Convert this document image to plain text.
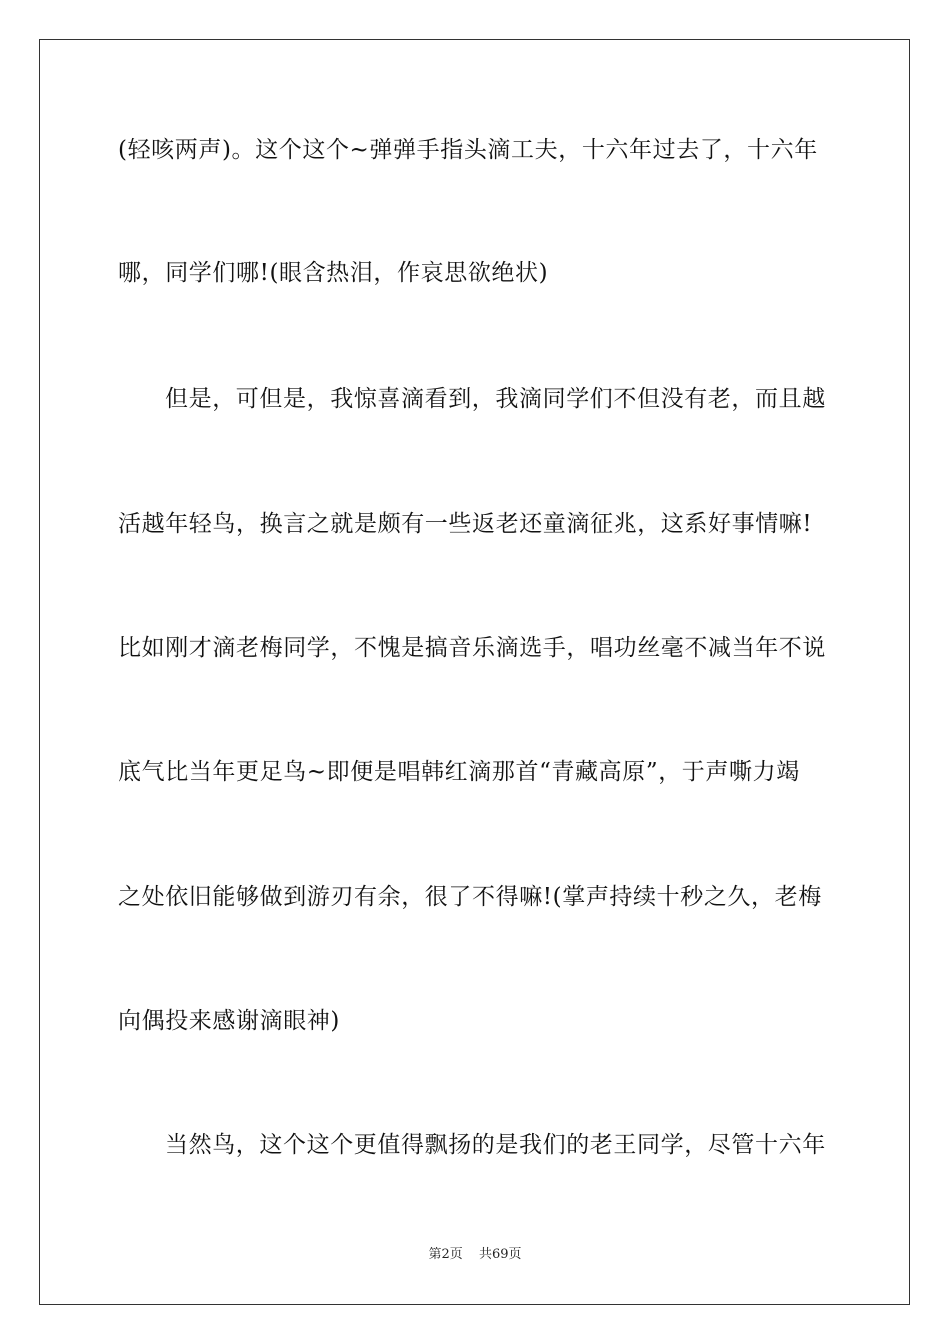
(轻咳两声)。这个这个~弹弹手指头滴工夫，十六年过去了，十六年
哪，同学们哪!(眼含热泪，作哀思欲绝状)
但是，可但是，我惊喜滴看到，我滴同学们不但没有老，而且越
活越年轻鸟，换言之就是颇有一些返老还童滴征兆，这系好事情嘛!
比如刚才滴老梅同学，不愧是搞音乐滴选手，唱功丝毫不减当年不说
底气比当年更足鸟~即便是唱韩红滴那首“青藏高原”，于声嘶力竭
之处依旧能够做到游刃有余，很了不得嘛!(掌声持续十秒之久，老梅
向偶投来感谢滴眼神)
当然鸟，这个这个更值得飘扬的是我们的老王同学，尽管十六年
第2页 共69页
